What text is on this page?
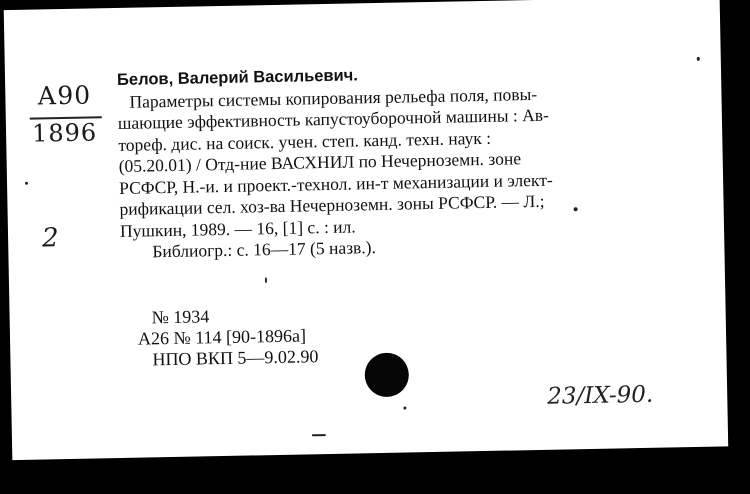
А90
1896
2
Белов, Валерий Васильевич.
Параметры системы копирования рельефа поля, повы-
шающие эффективность капустоуборочной машины : Ав-
тореф. дис. на соиск. учен. степ. канд. техн. наук :
(05.20.01) / Отд-ние ВАСХНИЛ по Нечерноземн. зоне
РСФСР, Н.-и. и проект.-технол. ин-т механизации и элект-
рификации сел. хоз-ва Нечерноземн. зоны РСФСР. — Л.;
Пушкин, 1989. — 16, [1] с. : ил.
Библиогр.: с. 16—17 (5 назв.).
№ 1934
А26 № 114 [90-1896а]
НПО ВКП 5—9.02.90
23/IX-90.
